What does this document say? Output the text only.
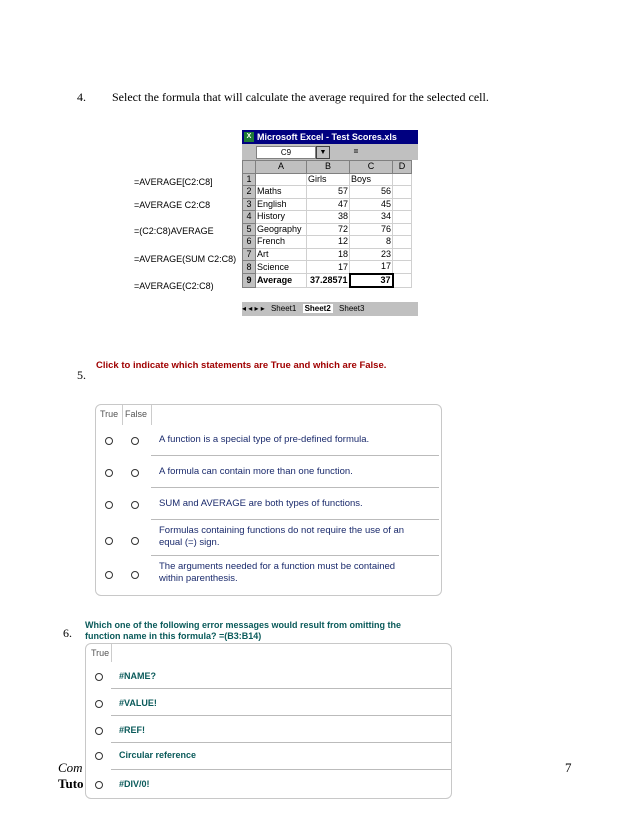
4. Select the formula that will calculate the average required for the selected cell.
=AVERAGE[C2:C8]
=AVERAGE C2:C8
=(C2:C8)AVERAGE
=AVERAGE(SUM C2:C8)
=AVERAGE(C2:C8)
X Microsoft Excel - Test Scores.xls
C9	▼	=
	A	B	C	D
1		Girls	Boys	
2	Maths	57	56	
3	English	47	45	
4	History	38	34	
5	Geography	72	76	
6	French	12	8	
7	Art	18	23	
8	Science	17	17	
9	Average	37.28571	37	
◂ ◂ ▸ ▸ Sheet1 Sheet2 Sheet3
Click to indicate which statements are True and which are False.
5.
True False
A function is a special type of pre-defined formula.
A formula can contain more than one function.
SUM and AVERAGE are both types of functions.
Formulas containing functions do not require the use of an
equal (=) sign.
The arguments needed for a function must be contained
within parenthesis.
Which one of the following error messages would result from omitting the
function name in this formula? =(B3:B14)
6.
True
#NAME?
#VALUE!
#REF!
Circular reference
#DIV/0!
Com
Tuto
7
